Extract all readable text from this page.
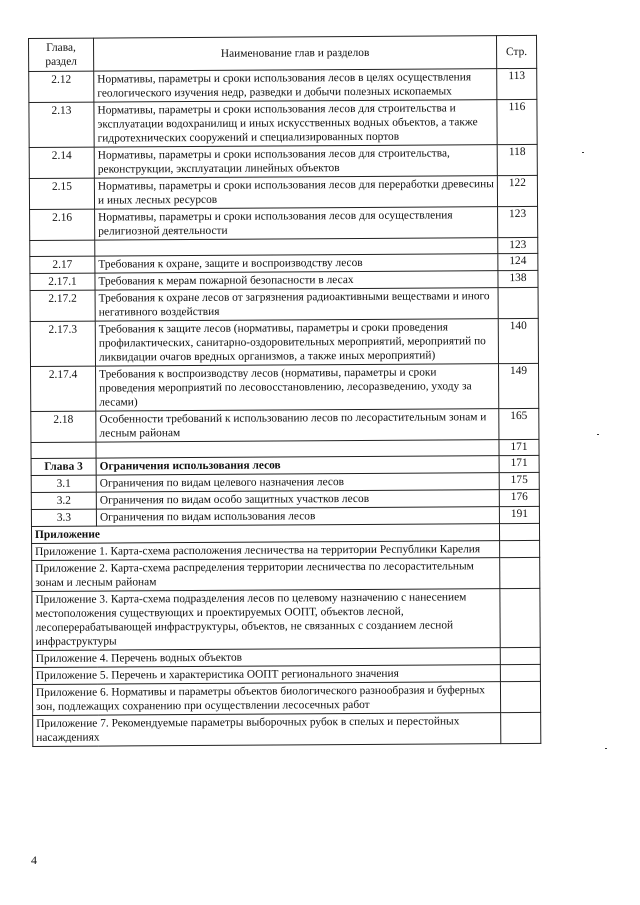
Глава, раздел	Наименование глав и разделов	Стр.
2.12	Нормативы, параметры и сроки использования лесов в целях осуществления геологического изучения недр, разведки и добычи полезных ископаемых	113
2.13	Нормативы, параметры и сроки использования лесов для строительства и эксплуатации водохранилищ и иных искусственных водных объектов, а также гидротехнических сооружений и специализированных портов	116
2.14	Нормативы, параметры и сроки использования лесов для строительства, реконструкции, эксплуатации линейных объектов	118
2.15	Нормативы, параметры и сроки использования лесов для переработки древесины и иных лесных ресурсов	122
2.16	Нормативы, параметры и сроки использования лесов для осуществления религиозной деятельности	123
		123
2.17	Требования к охране, защите и воспроизводству лесов	124
2.17.1	Требования к мерам пожарной безопасности в лесах	138
2.17.2	Требования к охране лесов от загрязнения радиоактивными веществами и иного негативного воздействия	
2.17.3	Требования к защите лесов (нормативы, параметры и сроки проведения профилактических, санитарно-оздоровительных мероприятий, мероприятий по ликвидации очагов вредных организмов, а также иных мероприятий)	140
2.17.4	Требования к воспроизводству лесов (нормативы, параметры и сроки проведения мероприятий по лесовосстановлению, лесоразведению, уходу за лесами)	149
2.18	Особенности требований к использованию лесов по лесорастительным зонам и лесным районам	165
		171
Глава 3	Ограничения использования лесов	171
3.1	Ограничения по видам целевого назначения лесов	175
3.2	Ограничения по видам особо защитных участков лесов	176
3.3	Ограничения по видам использования лесов	191
Приложение		
Приложение 1. Карта-схема расположения лесничества на территории Республики Карелия		
Приложение 2. Карта-схема распределения территории лесничества по лесорастительным зонам и лесным районам		
Приложение 3. Карта-схема подразделения лесов по целевому назначению с нанесением местоположения существующих и проектируемых ООПТ, объектов лесной, лесоперерабатывающей инфраструктуры, объектов, не связанных с созданием лесной инфраструктуры		
Приложение 4. Перечень водных объектов		
Приложение 5. Перечень и характеристика ООПТ регионального значения		
Приложение 6. Нормативы и параметры объектов биологического разнообразия и буферных зон, подлежащих сохранению при осуществлении лесосечных работ		
Приложение 7. Рекомендуемые параметры выборочных рубок в спелых и перестойных насаждениях		
4
